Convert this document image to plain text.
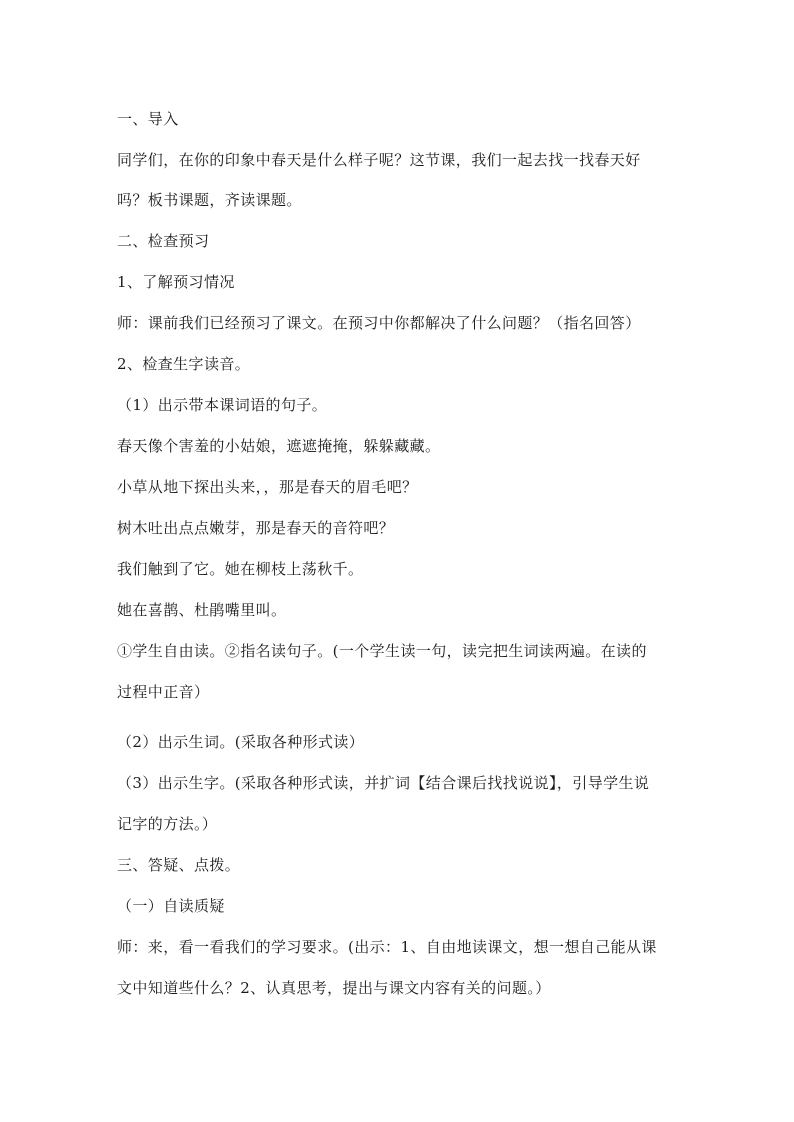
一、导入
同学们，在你的印象中春天是什么样子呢？这节课，我们一起去找一找春天好
吗？板书课题，齐读课题。
二、检查预习
1、了解预习情况
师：课前我们已经预习了课文。在预习中你都解决了什么问题？（指名回答）
2、检查生字读音。
（1）出示带本课词语的句子。
春天像个害羞的小姑娘，遮遮掩掩，躲躲藏藏。
小草从地下探出头来，，那是春天的眉毛吧？
树木吐出点点嫩芽，那是春天的音符吧？
我们触到了它。她在柳枝上荡秋千。
她在喜鹊、杜鹃嘴里叫。
①学生自由读。②指名读句子。(一个学生读一句，读完把生词读两遍。在读的
过程中正音）
（2）出示生词。(采取各种形式读）
（3）出示生字。(采取各种形式读，并扩词【结合课后找找说说】，引导学生说
记字的方法。）
三、答疑、点拨。
（一）自读质疑
师：来，看一看我们的学习要求。(出示：1、自由地读课文，想一想自己能从课
文中知道些什么？2、认真思考，提出与课文内容有关的问题。）
